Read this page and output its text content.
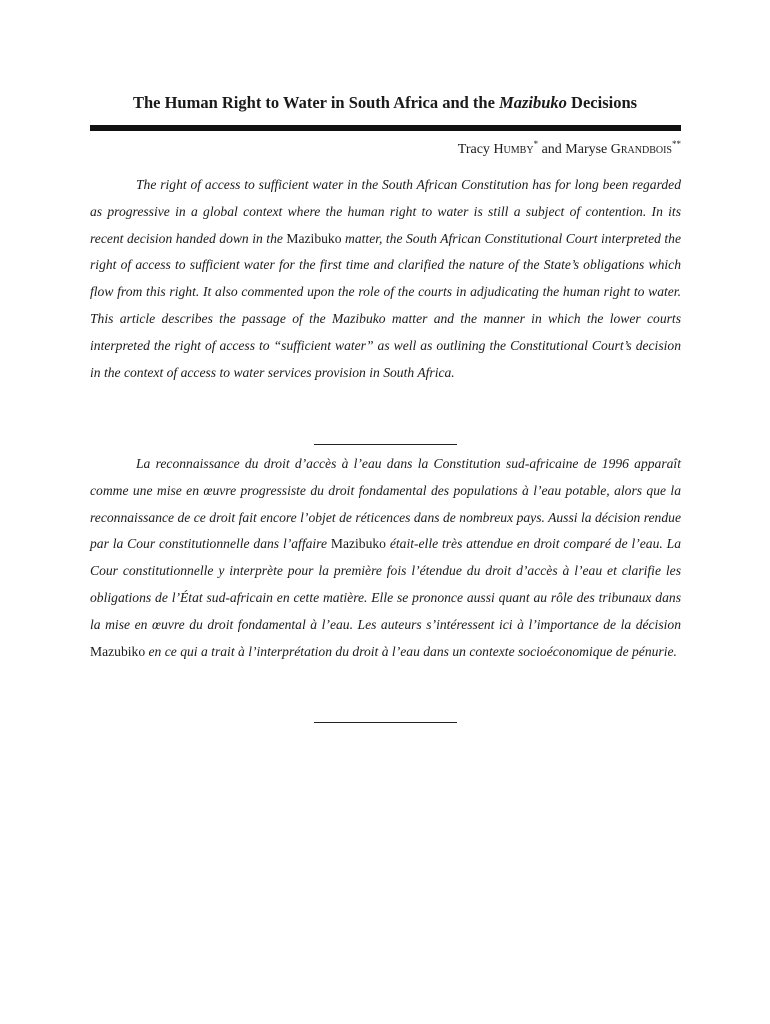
The Human Right to Water in South Africa and the Mazibuko Decisions
Tracy Humby* and Maryse Grandbois**

The right of access to sufficient water in the South African Constitution has for long been regarded as progressive in a global context where the human right to water is still a subject of contention. In its recent decision handed down in the Mazibuko matter, the South African Constitutional Court interpreted the right of access to sufficient water for the first time and clarified the nature of the State’s obligations which flow from this right. It also commented upon the role of the courts in adjudicating the human right to water. This article describes the passage of the Mazibuko matter and the manner in which the lower courts interpreted the right of access to “sufficient water” as well as outlining the Constitutional Court’s decision in the context of access to water services provision in South Africa.

La reconnaissance du droit d’accès à l’eau dans la Constitution sud-africaine de 1996 apparaît comme une mise en œuvre progressiste du droit fondamental des populations à l’eau potable, alors que la reconnaissance de ce droit fait encore l’objet de réticences dans de nombreux pays. Aussi la décision rendue par la Cour constitutionnelle dans l’affaire Mazibuko était-elle très attendue en droit comparé de l’eau. La Cour constitutionnelle y interprète pour la première fois l’étendue du droit d’accès à l’eau et clarifie les obligations de l’État sud-africain en cette matière. Elle se prononce aussi quant au rôle des tribunaux dans la mise en œuvre du droit fondamental à l’eau. Les auteurs s’intéressent ici à l’importance de la décision Mazubiko en ce qui a trait à l’interprétation du droit à l’eau dans un contexte socioéconomique de pénurie.
